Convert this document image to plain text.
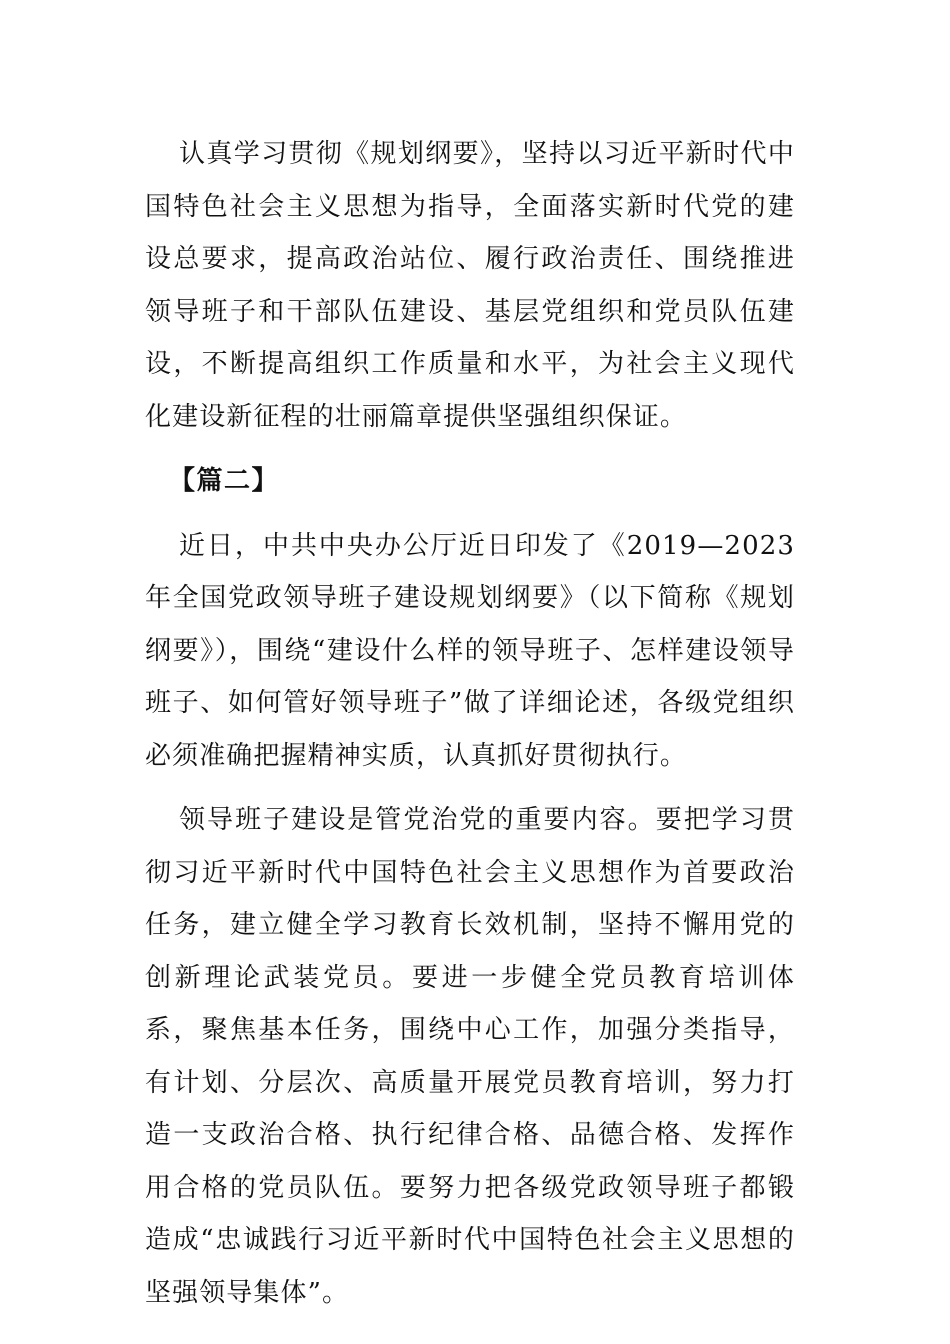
认真学习贯彻《规划纲要》，坚持以习近平新时代中国特色社会主义思想为指导，全面落实新时代党的建设总要求，提高政治站位、履行政治责任、围绕推进领导班子和干部队伍建设、基层党组织和党员队伍建设，不断提高组织工作质量和水平，为社会主义现代化建设新征程的壮丽篇章提供坚强组织保证。

【篇二】

近日，中共中央办公厅近日印发了《2019—2023年全国党政领导班子建设规划纲要》（以下简称《规划纲要》），围绕“建设什么样的领导班子、怎样建设领导班子、如何管好领导班子”做了详细论述，各级党组织必须准确把握精神实质，认真抓好贯彻执行。

领导班子建设是管党治党的重要内容。要把学习贯彻习近平新时代中国特色社会主义思想作为首要政治任务，建立健全学习教育长效机制，坚持不懈用党的创新理论武装党员。要进一步健全党员教育培训体系，聚焦基本任务，围绕中心工作，加强分类指导，有计划、分层次、高质量开展党员教育培训，努力打造一支政治合格、执行纪律合格、品德合格、发挥作用合格的党员队伍。要努力把各级党政领导班子都锻造成“忠诚践行习近平新时代中国特色社会主义思想的坚强领导集体”。
